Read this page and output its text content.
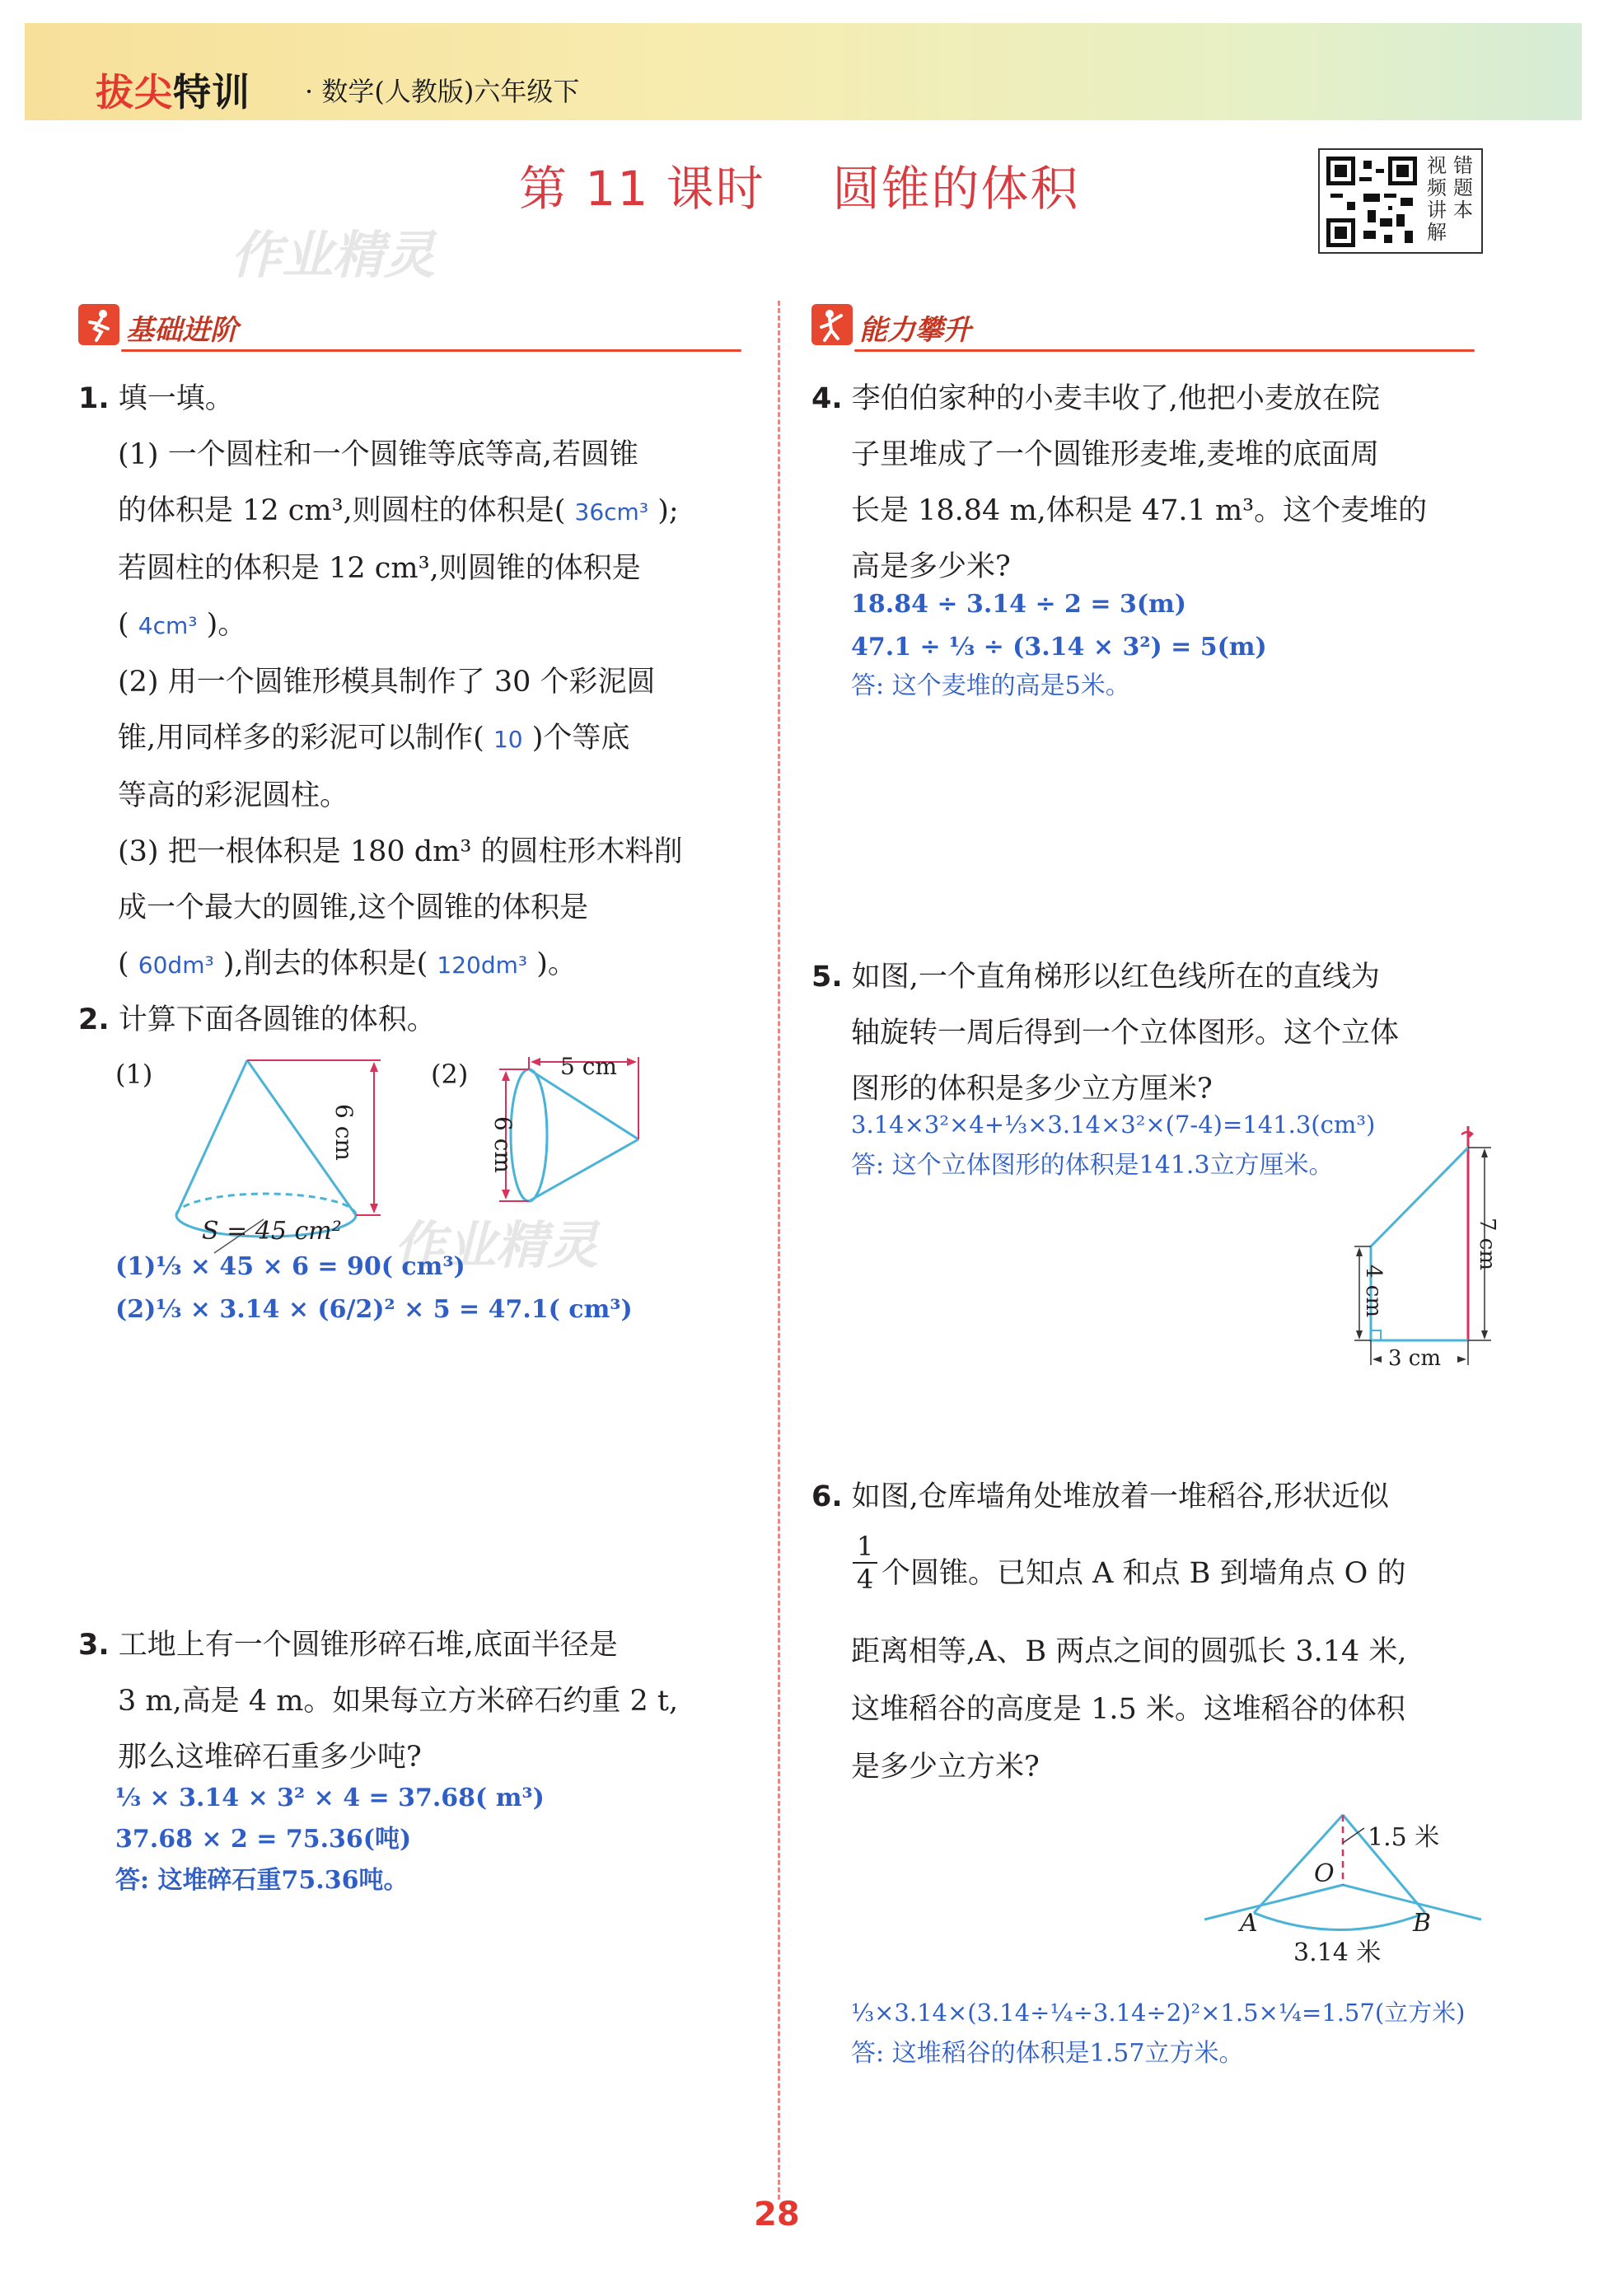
拔尖特训 · 数学(人教版)六年级下
第 11 课时    圆锥的体积
作业精灵
作业精灵
视频讲解
错题本
基础进阶	能力攀升
1. 填一填。
(1) 一个圆柱和一个圆锥等底等高,若圆锥
的体积是 12 cm³,则圆柱的体积是( 36cm³ );
若圆柱的体积是 12 cm³,则圆锥的体积是
( 4cm³ )。
(2) 用一个圆锥形模具制作了 30 个彩泥圆
锥,用同样多的彩泥可以制作( 10 )个等底
等高的彩泥圆柱。
(3) 把一根体积是 180 dm³ 的圆柱形木料削
成一个最大的圆锥,这个圆锥的体积是
( 60dm³ ),削去的体积是( 120dm³ )。
2. 计算下面各圆锥的体积。
(1)
6 cm
S = 45 cm²
(2)	5 cm
6 cm
(1)⅓ × 45 × 6 = 90( cm³)
(2)⅓ × 3.14 × (6/2)² × 5 = 47.1( cm³)
3. 工地上有一个圆锥形碎石堆,底面半径是
3 m,高是 4 m。如果每立方米碎石约重 2 t,
那么这堆碎石重多少吨?
⅓ × 3.14 × 3² × 4 = 37.68( m³)
37.68 × 2 = 75.36(吨)
答: 这堆碎石重75.36吨。
4. 李伯伯家种的小麦丰收了,他把小麦放在院
子里堆成了一个圆锥形麦堆,麦堆的底面周
长是 18.84 m,体积是 47.1 m³。这个麦堆的
高是多少米?
18.84 ÷ 3.14 ÷ 2 = 3(m)
47.1 ÷ ⅓ ÷ (3.14 × 3²) = 5(m)
答: 这个麦堆的高是5米。
5. 如图,一个直角梯形以红色线所在的直线为
轴旋转一周后得到一个立体图形。这个立体
图形的体积是多少立方厘米?
3.14×3²×4+⅓×3.14×3²×(7-4)=141.3(cm³)
答: 这个立体图形的体积是141.3立方厘米。
4 cm
7 cm
3 cm
6. 如图,仓库墙角处堆放着一堆稻谷,形状近似
1
4 个圆锥。已知点 A 和点 B 到墙角点 O 的
距离相等,A、B 两点之间的圆弧长 3.14 米,
这堆稻谷的高度是 1.5 米。这堆稻谷的体积
是多少立方米?
1.5 米
O
A	B
3.14 米
⅓×3.14×(3.14÷¼÷3.14÷2)²×1.5×¼=1.57(立方米)
答: 这堆稻谷的体积是1.57立方米。
28
